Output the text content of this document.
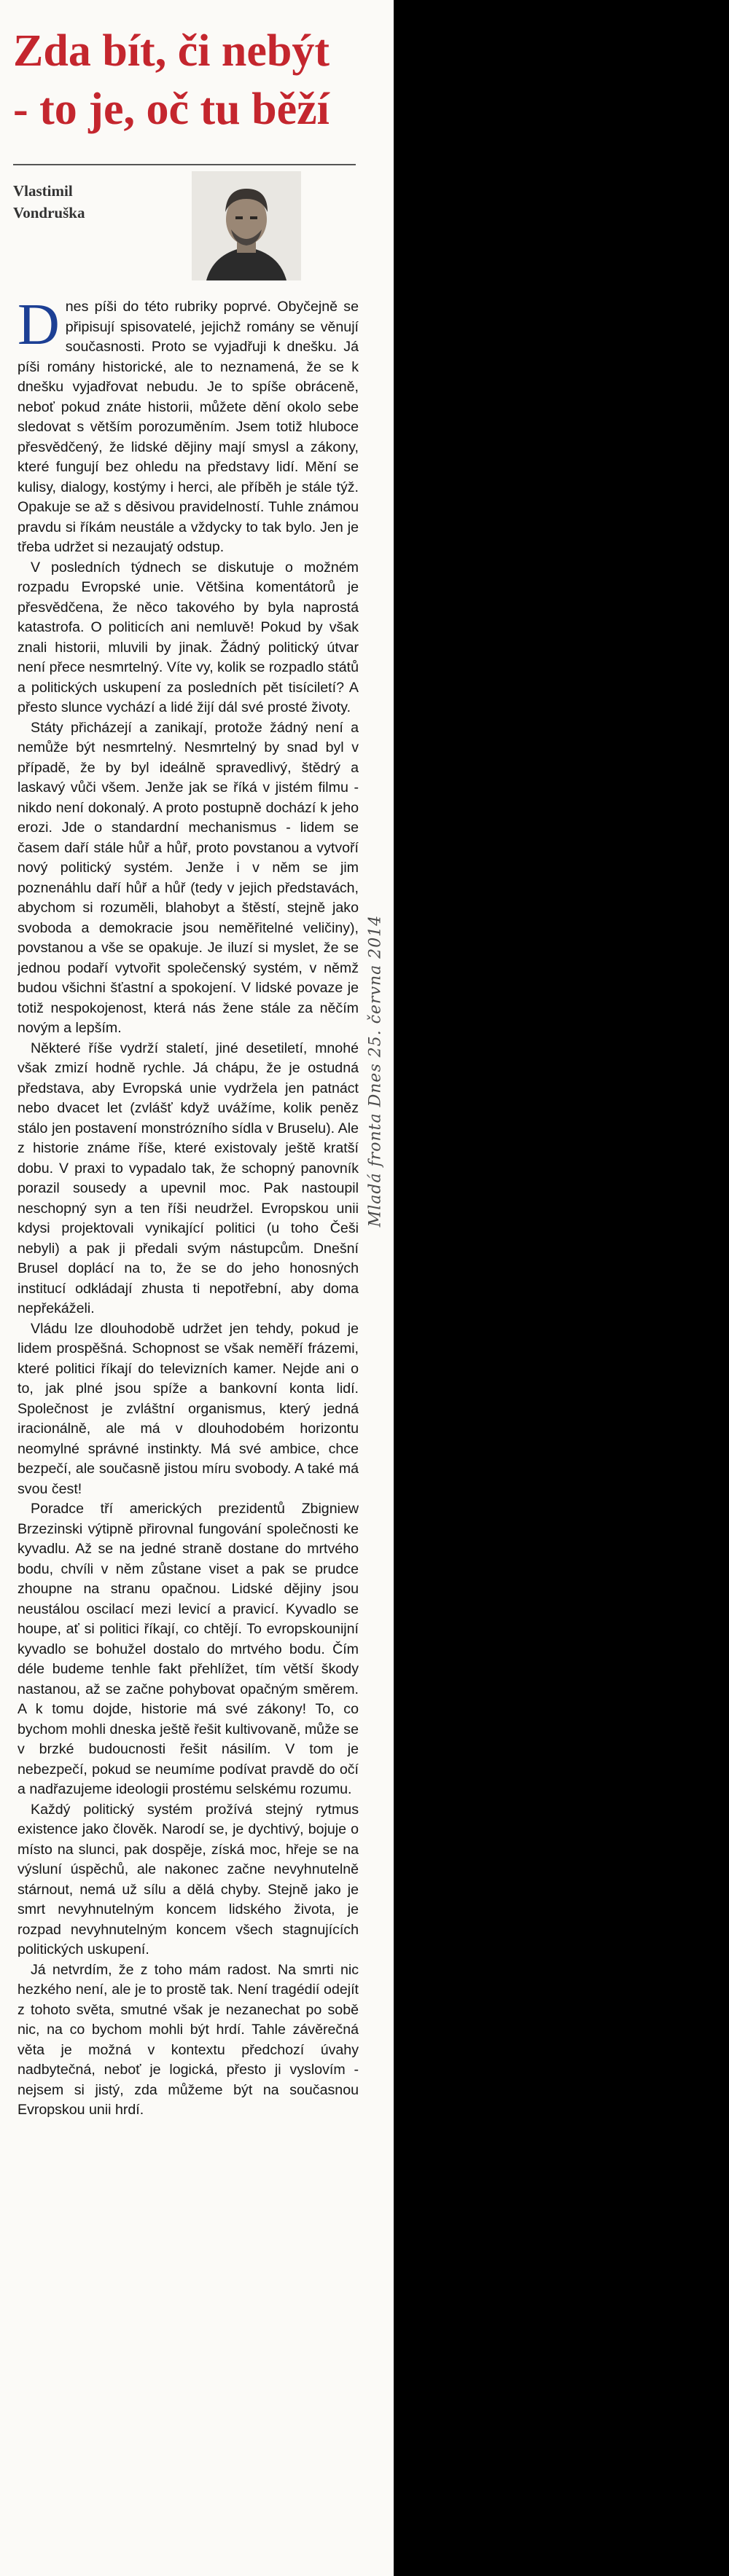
Zda bít, či nebýt
- to je, oč tu běží
Vlastimil
Vondruška

Dnes píši do této rubriky poprvé. Obyčejně se připisují spisovatelé, jejichž romány se věnují současnosti. Proto se vyjadřuji k dnešku. Já píši romány historické, ale to neznamená, že se k dnešku vyjadřovat nebudu. Je to spíše obráceně, neboť pokud znáte historii, můžete dění okolo sebe sledovat s větším porozuměním. Jsem totiž hluboce přesvědčený, že lidské dějiny mají smysl a zákony, které fungují bez ohledu na představy lidí. Mění se kulisy, dialogy, kostýmy i herci, ale příběh je stále týž. Opakuje se až s děsivou pravidelností. Tuhle známou pravdu si říkám neustále a vždycky to tak bylo. Jen je třeba udržet si nezaujatý odstup.

V posledních týdnech se diskutuje o možném rozpadu Evropské unie. Většina komentátorů je přesvědčena, že něco takového by byla naprostá katastrofa. O politicích ani nemluvě! Pokud by však znali historii, mluvili by jinak. Žádný politický útvar není přece nesmrtelný. Víte vy, kolik se rozpadlo států a politických uskupení za posledních pět tisíciletí? A přesto slunce vychází a lidé žijí dál své prosté životy.

Státy přicházejí a zanikají, protože žádný není a nemůže být nesmrtelný. Nesmrtelný by snad byl v případě, že by byl ideálně spravedlivý, štědrý a laskavý vůči všem. Jenže jak se říká v jistém filmu - nikdo není dokonalý. A proto postupně dochází k jeho erozi. Jde o standardní mechanismus - lidem se časem daří stále hůř a hůř, proto povstanou a vytvoří nový politický systém. Jenže i v něm se jim poznenáhlu daří hůř a hůř (tedy v jejich představách, abychom si rozuměli, blahobyt a štěstí, stejně jako svoboda a demokracie jsou neměřitelné veličiny), povstanou a vše se opakuje. Je iluzí si myslet, že se jednou podaří vytvořit společenský systém, v němž budou všichni šťastní a spokojení. V lidské povaze je totiž nespokojenost, která nás žene stále za něčím novým a lepším.

Některé říše vydrží staletí, jiné desetiletí, mnohé však zmizí hodně rychle. Já chápu, že je ostudná představa, aby Evropská unie vydržela jen patnáct nebo dvacet let (zvlášť když uvážíme, kolik peněz stálo jen postavení monstrózního sídla v Bruselu). Ale z historie známe říše, které existovaly ještě kratší dobu. V praxi to vypadalo tak, že schopný panovník porazil sousedy a upevnil moc. Pak nastoupil neschopný syn a ten říši neudržel. Evropskou unii kdysi projektovali vynikající politici (u toho Češi nebyli) a pak ji předali svým nástupcům. Dnešní Brusel doplácí na to, že se do jeho honosných institucí odkládají zhusta ti nepotřební, aby doma nepřekáželi.

Vládu lze dlouhodobě udržet jen tehdy, pokud je lidem prospěšná. Schopnost se však neměří frázemi, které politici říkají do televizních kamer. Nejde ani o to, jak plné jsou spíže a bankovní konta lidí. Společnost je zvláštní organismus, který jedná iracionálně, ale má v dlouhodobém horizontu neomylné správné instinkty. Má své ambice, chce bezpečí, ale současně jistou míru svobody. A také má svou čest!

Poradce tří amerických prezidentů Zbigniew Brzezinski výtipně přirovnal fungování společnosti ke kyvadlu. Až se na jedné straně dostane do mrtvého bodu, chvíli v něm zůstane viset a pak se prudce zhoupne na stranu opačnou. Lidské dějiny jsou neustálou oscilací mezi levicí a pravicí. Kyvadlo se houpe, ať si politici říkají, co chtějí. To evropskounijní kyvadlo se bohužel dostalo do mrtvého bodu. Čím déle budeme tenhle fakt přehlížet, tím větší škody nastanou, až se začne pohybovat opačným směrem. A k tomu dojde, historie má své zákony! To, co bychom mohli dneska ještě řešit kultivovaně, může se v brzké budoucnosti řešit násilím. V tom je nebezpečí, pokud se neumíme podívat pravdě do očí a nadřazujeme ideologii prostému selskému rozumu.

Každý politický systém prožívá stejný rytmus existence jako člověk. Narodí se, je dychtivý, bojuje o místo na slunci, pak dospěje, získá moc, hřeje se na výsluní úspěchů, ale nakonec začne nevyhnutelně stárnout, nemá už sílu a dělá chyby. Stejně jako je smrt nevyhnutelným koncem lidského života, je rozpad nevyhnutelným koncem všech stagnujících politických uskupení.

Já netvrdím, že z toho mám radost. Na smrti nic hezkého není, ale je to prostě tak. Není tragédií odejít z tohoto světa, smutné však je nezanechat po sobě nic, na co bychom mohli být hrdí. Tahle závěrečná věta je možná v kontextu předchozí úvahy nadbytečná, neboť je logická, přesto ji vyslovím - nejsem si jistý, zda můžeme být na současnou Evropskou unii hrdí.

Mladá fronta Dnes 25. června 2014
